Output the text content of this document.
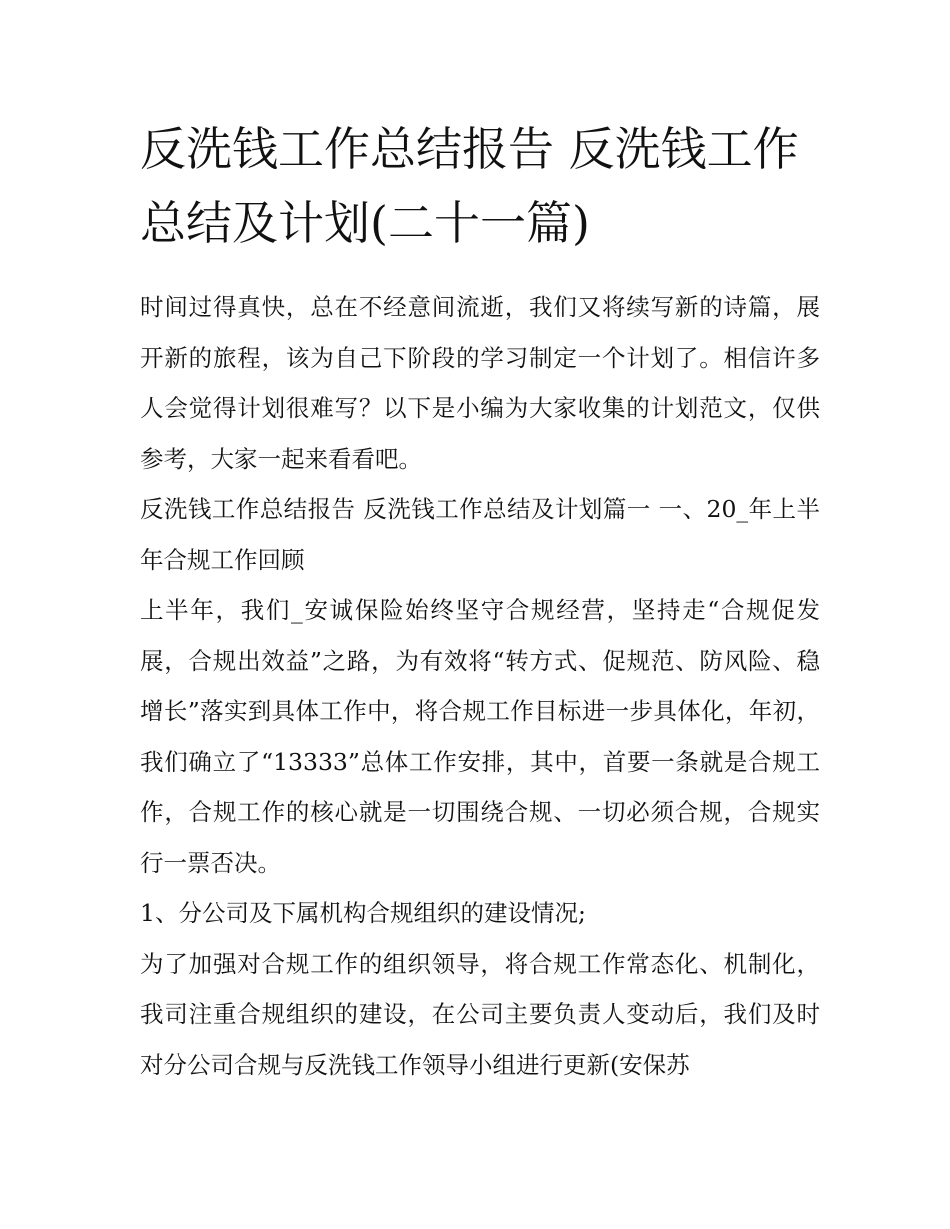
反洗钱工作总结报告 反洗钱工作总结及计划(二十一篇)

时间过得真快，总在不经意间流逝，我们又将续写新的诗篇，展开新的旅程，该为自己下阶段的学习制定一个计划了。相信许多人会觉得计划很难写？以下是小编为大家收集的计划范文，仅供参考，大家一起来看看吧。

反洗钱工作总结报告 反洗钱工作总结及计划篇一 一、20_年上半年合规工作回顾

上半年，我们_安诚保险始终坚守合规经营，坚持走“合规促发展，合规出效益”之路，为有效将“转方式、促规范、防风险、稳增长”落实到具体工作中，将合规工作目标进一步具体化，年初，我们确立了“13333”总体工作安排，其中，首要一条就是合规工作，合规工作的核心就是一切围绕合规、一切必须合规，合规实行一票否决。

1、分公司及下属机构合规组织的建设情况;

为了加强对合规工作的组织领导，将合规工作常态化、机制化，我司注重合规组织的建设，在公司主要负责人变动后，我们及时对分公司合规与反洗钱工作领导小组进行更新(安保苏
